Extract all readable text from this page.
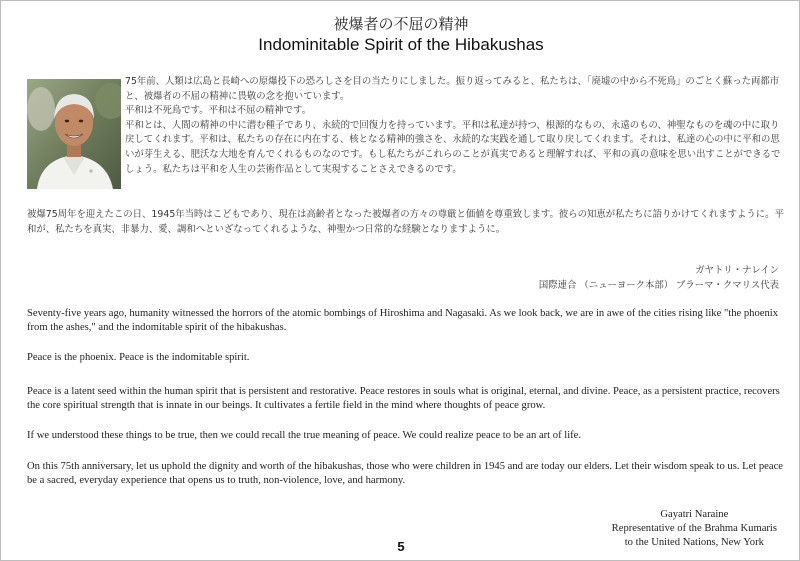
被爆者の不屈の精神
Indominitable Spirit of the Hibakushas

75年前、人類は広島と長崎への原爆投下の恐ろしさを目の当たりにしました。振り返ってみると、私たちは、「廃墟の中から不死鳥」のごとく蘇った両都市と、被爆者の不屈の精神に畏敬の念を抱いています。

平和は不死鳥です。平和は不屈の精神です。

平和とは、人間の精神の中に潜む種子であり、永続的で回復力を持っています。平和は私達が持つ、根源的なもの、永遠のもの、神聖なものを魂の中に取り戻してくれます。平和は、私たちの存在に内在する、核となる精神的強さを、永続的な実践を通して取り戻してくれます。それは、私達の心の中に平和の思いが芽生える、肥沃な大地を育んでくれるものなのです。もし私たちがこれらのことが真実であると理解すれば、平和の真の意味を思い出すことができるでしょう。私たちは平和を人生の芸術作品として実現することさえできるのです。

被爆75周年を迎えたこの日、1945年当時はこどもであり、現在は高齢者となった被爆者の方々の尊厳と価値を尊重致します。彼らの知恵が私たちに語りかけてくれますように。平和が、私たちを真実、非暴力、愛、調和へといざなってくれるような、神聖かつ日常的な経験となりますように。

ガヤトリ・ナレイン
国際連合 （ニューヨーク本部） ブラーマ・クマリス代表

Seventy-five years ago, humanity witnessed the horrors of the atomic bombings of Hiroshima and Nagasaki. As we look back, we are in awe of the cities rising like "the phoenix from the ashes," and the indomitable spirit of the hibakushas.

Peace is the phoenix. Peace is the indomitable spirit.

Peace is a latent seed within the human spirit that is persistent and restorative. Peace restores in souls what is original, eternal, and divine. Peace, as a persistent practice, recovers the core spiritual strength that is innate in our beings. It cultivates a fertile field in the mind where thoughts of peace grow.

If we understood these things to be true, then we could recall the true meaning of peace. We could realize peace to be an art of life.

On this 75th anniversary, let us uphold the dignity and worth of the hibakushas, those who were children in 1945 and are today our elders. Let their wisdom speak to us. Let peace be a sacred, everyday experience that opens us to truth, non-violence, love, and harmony.

Gayatri Naraine
Representative of the Brahma Kumaris
to the United Nations, New York
5
